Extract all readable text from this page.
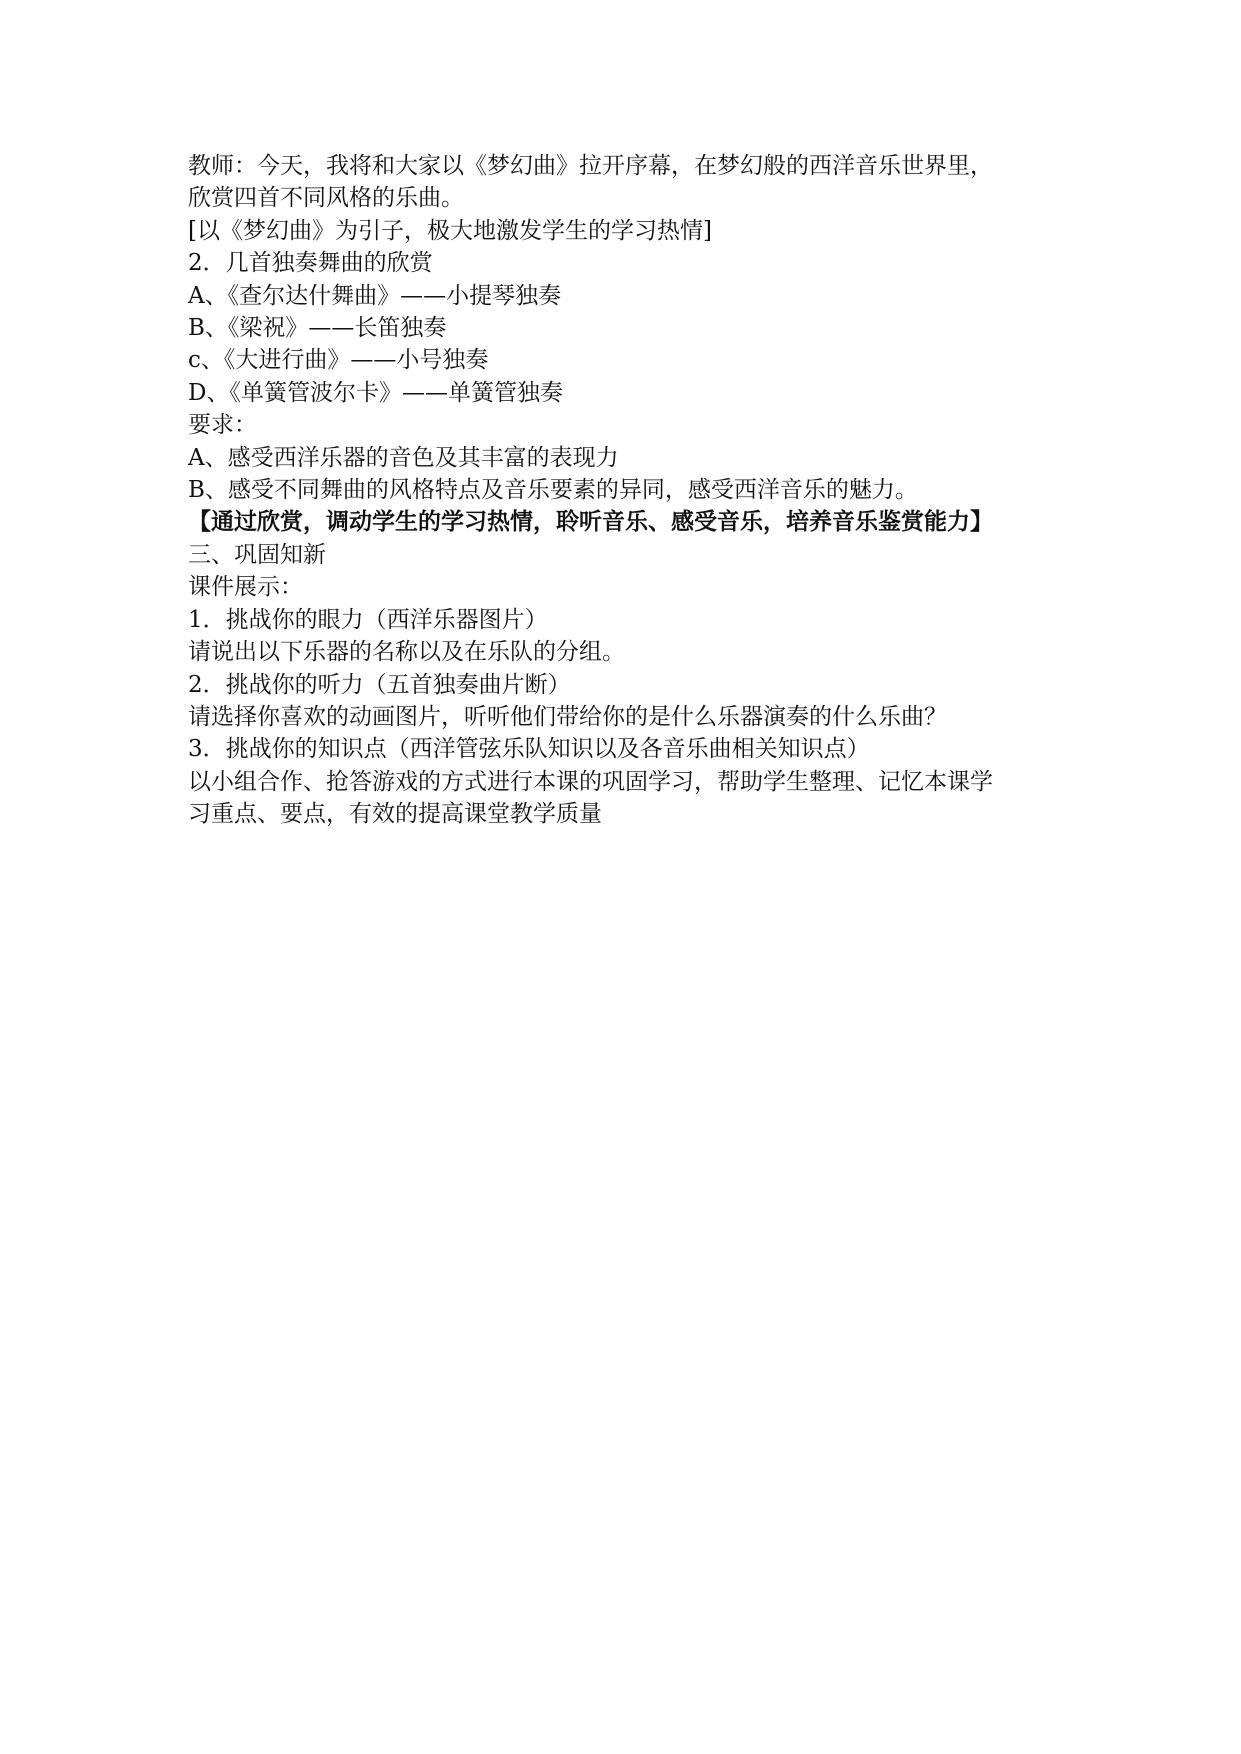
教师：今天，我将和大家以《梦幻曲》拉开序幕，在梦幻般的西洋音乐世界里，

欣赏四首不同风格的乐曲。

[以《梦幻曲》为引子，极大地激发学生的学习热情]

2．几首独奏舞曲的欣赏

A、《查尔达什舞曲》——小提琴独奏

B、《梁祝》——长笛独奏

c、《大进行曲》——小号独奏

D、《单簧管波尔卡》——单簧管独奏

要求：

A、感受西洋乐器的音色及其丰富的表现力

B、感受不同舞曲的风格特点及音乐要素的异同，感受西洋音乐的魅力。

【通过欣赏，调动学生的学习热情，聆听音乐、感受音乐，培养音乐鉴赏能力】

三、巩固知新

课件展示：

1．挑战你的眼力（西洋乐器图片）

请说出以下乐器的名称以及在乐队的分组。

2．挑战你的听力（五首独奏曲片断）

请选择你喜欢的动画图片，听听他们带给你的是什么乐器演奏的什么乐曲？

3．挑战你的知识点（西洋管弦乐队知识以及各音乐曲相关知识点）

以小组合作、抢答游戏的方式进行本课的巩固学习，帮助学生整理、记忆本课学

习重点、要点，有效的提高课堂教学质量
